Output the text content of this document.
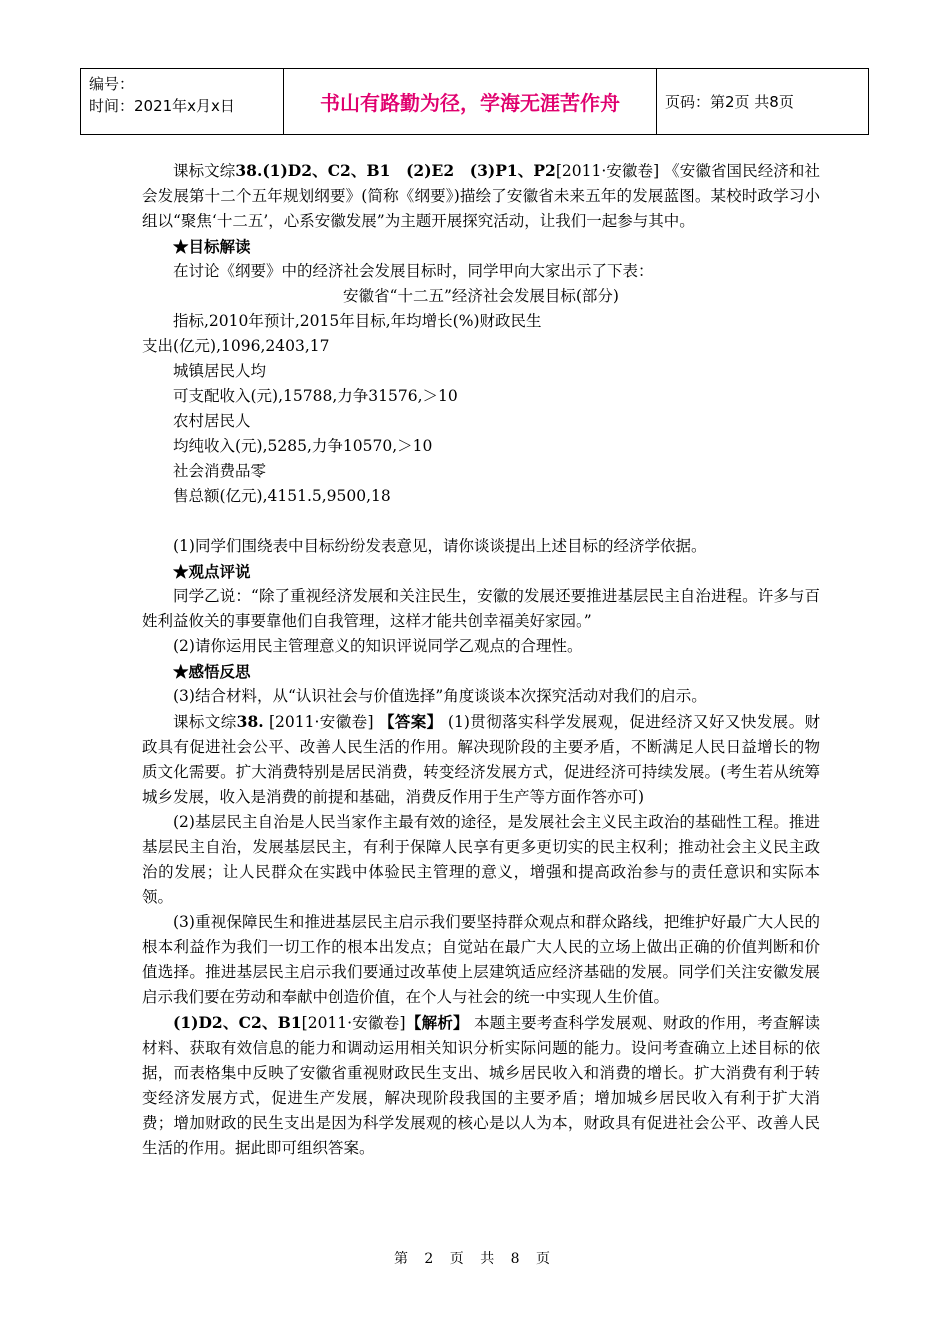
编号：
时间：2021年x月x日	书山有路勤为径，学海无涯苦作舟	页码：第2页 共8页

课标文综38.(1)D2、C2、B1　(2)E2　(3)P1、P2[2011·安徽卷] 《安徽省国民经济和社会发展第十二个五年规划纲要》(简称《纲要》)描绘了安徽省未来五年的发展蓝图。某校时政学习小组以“聚焦‘十二五’，心系安徽发展”为主题开展探究活动，让我们一起参与其中。

★目标解读

在讨论《纲要》中的经济社会发展目标时，同学甲向大家出示了下表：

安徽省“十二五”经济社会发展目标(部分)

指标,2010年预计,2015年目标,年均增长(%)财政民生

支出(亿元),1096,2403,17

城镇居民人均

可支配收入(元),15788,力争31576,＞10

农村居民人

均纯收入(元),5285,力争10570,＞10

社会消费品零

售总额(亿元),4151.5,9500,18

(1)同学们围绕表中目标纷纷发表意见，请你谈谈提出上述目标的经济学依据。

★观点评说

同学乙说：“除了重视经济发展和关注民生，安徽的发展还要推进基层民主自治进程。许多与百姓利益攸关的事要靠他们自我管理，这样才能共创幸福美好家园。”

(2)请你运用民主管理意义的知识评说同学乙观点的合理性。

★感悟反思

(3)结合材料，从“认识社会与价值选择”角度谈谈本次探究活动对我们的启示。

课标文综38. [2011·安徽卷] 【答案】 (1)贯彻落实科学发展观，促进经济又好又快发展。财政具有促进社会公平、改善人民生活的作用。解决现阶段的主要矛盾，不断满足人民日益增长的物质文化需要。扩大消费特别是居民消费，转变经济发展方式，促进经济可持续发展。(考生若从统筹城乡发展，收入是消费的前提和基础，消费反作用于生产等方面作答亦可)

(2)基层民主自治是人民当家作主最有效的途径，是发展社会主义民主政治的基础性工程。推进基层民主自治，发展基层民主，有利于保障人民享有更多更切实的民主权利；推动社会主义民主政治的发展；让人民群众在实践中体验民主管理的意义，增强和提高政治参与的责任意识和实际本领。

(3)重视保障民生和推进基层民主启示我们要坚持群众观点和群众路线，把维护好最广大人民的根本利益作为我们一切工作的根本出发点；自觉站在最广大人民的立场上做出正确的价值判断和价值选择。推进基层民主启示我们要通过改革使上层建筑适应经济基础的发展。同学们关注安徽发展启示我们要在劳动和奉献中创造价值，在个人与社会的统一中实现人生价值。

(1)D2、C2、B1[2011·安徽卷]【解析】 本题主要考查科学发展观、财政的作用，考查解读材料、获取有效信息的能力和调动运用相关知识分析实际问题的能力。设问考查确立上述目标的依据，而表格集中反映了安徽省重视财政民生支出、城乡居民收入和消费的增长。扩大消费有利于转变经济发展方式，促进生产发展，解决现阶段我国的主要矛盾；增加城乡居民收入有利于扩大消费；增加财政的民生支出是因为科学发展观的核心是以人为本，财政具有促进社会公平、改善人民生活的作用。据此即可组织答案。

第 2 页 共 8 页
